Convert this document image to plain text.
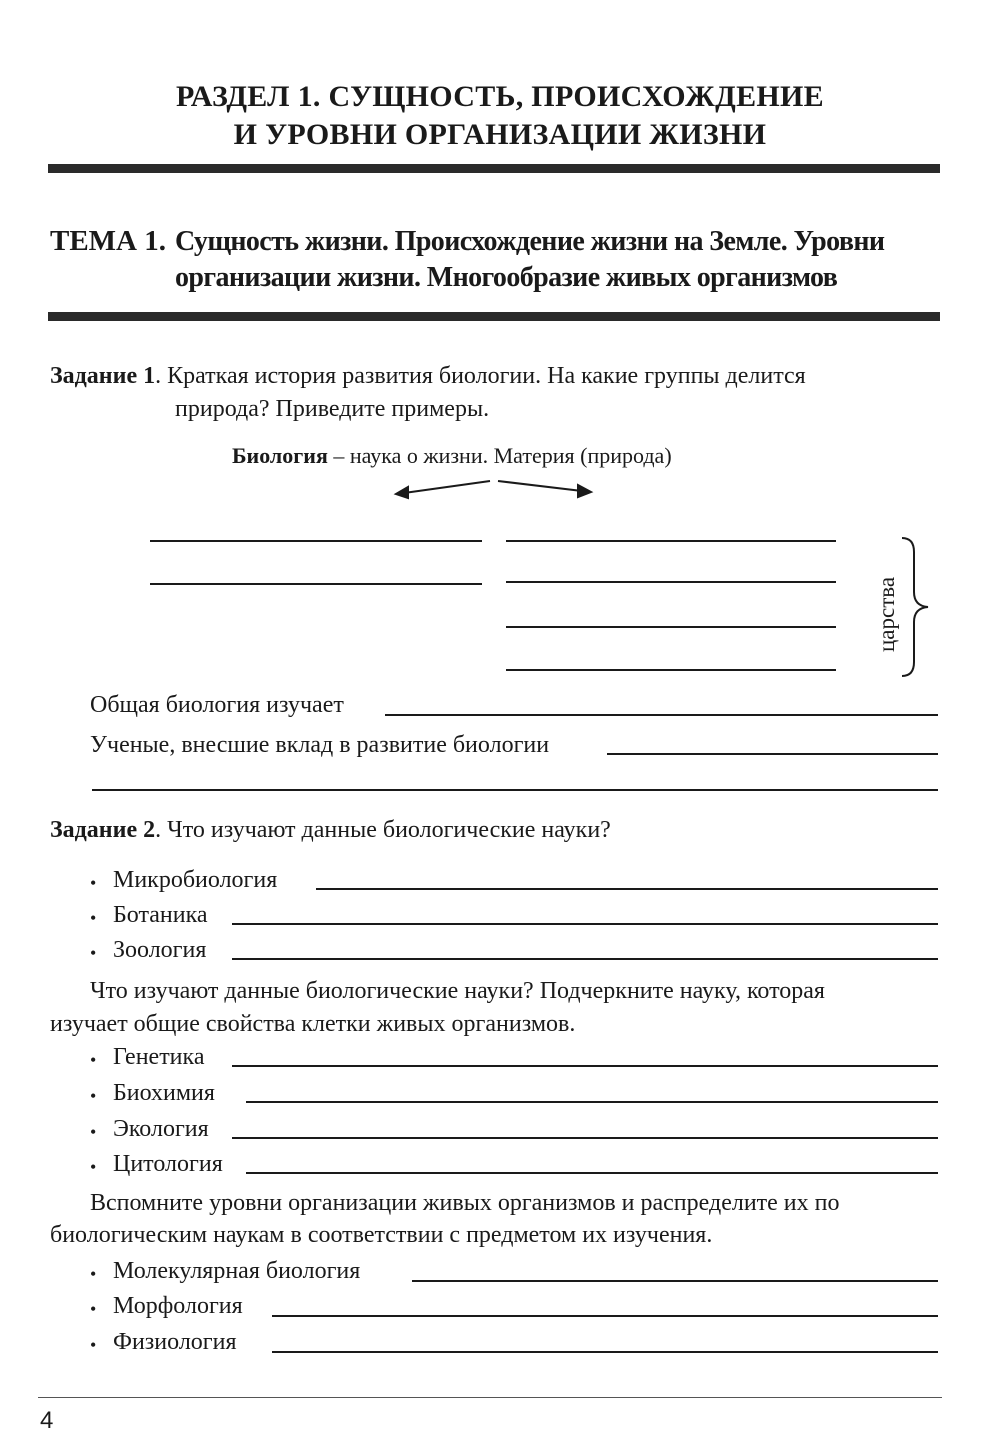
РАЗДЕЛ 1. СУЩНОСТЬ, ПРОИСХОЖДЕНИЕ
И УРОВНИ ОРГАНИЗАЦИИ ЖИЗНИ
ТЕМА 1. Сущность жизни. Происхождение жизни на Земле. Уровни
организации жизни. Многообразие живых организмов
Задание 1. Краткая история развития биологии. На какие группы делится
природа? Приведите примеры.
Биология – наука о жизни. Материя (природа)
царства
Общая биология изучает
Ученые, внесшие вклад в развитие биологии
Задание 2. Что изучают данные биологические науки?
• Микробиология
• Ботаника
• Зоология
Что изучают данные биологические науки? Подчеркните науку, которая
изучает общие свойства клетки живых организмов.
• Генетика
• Биохимия
• Экология
• Цитология
Вспомните уровни организации живых организмов и распределите их по
биологическим наукам в соответствии с предметом их изучения.
• Молекулярная биология
• Морфология
• Физиология
4
